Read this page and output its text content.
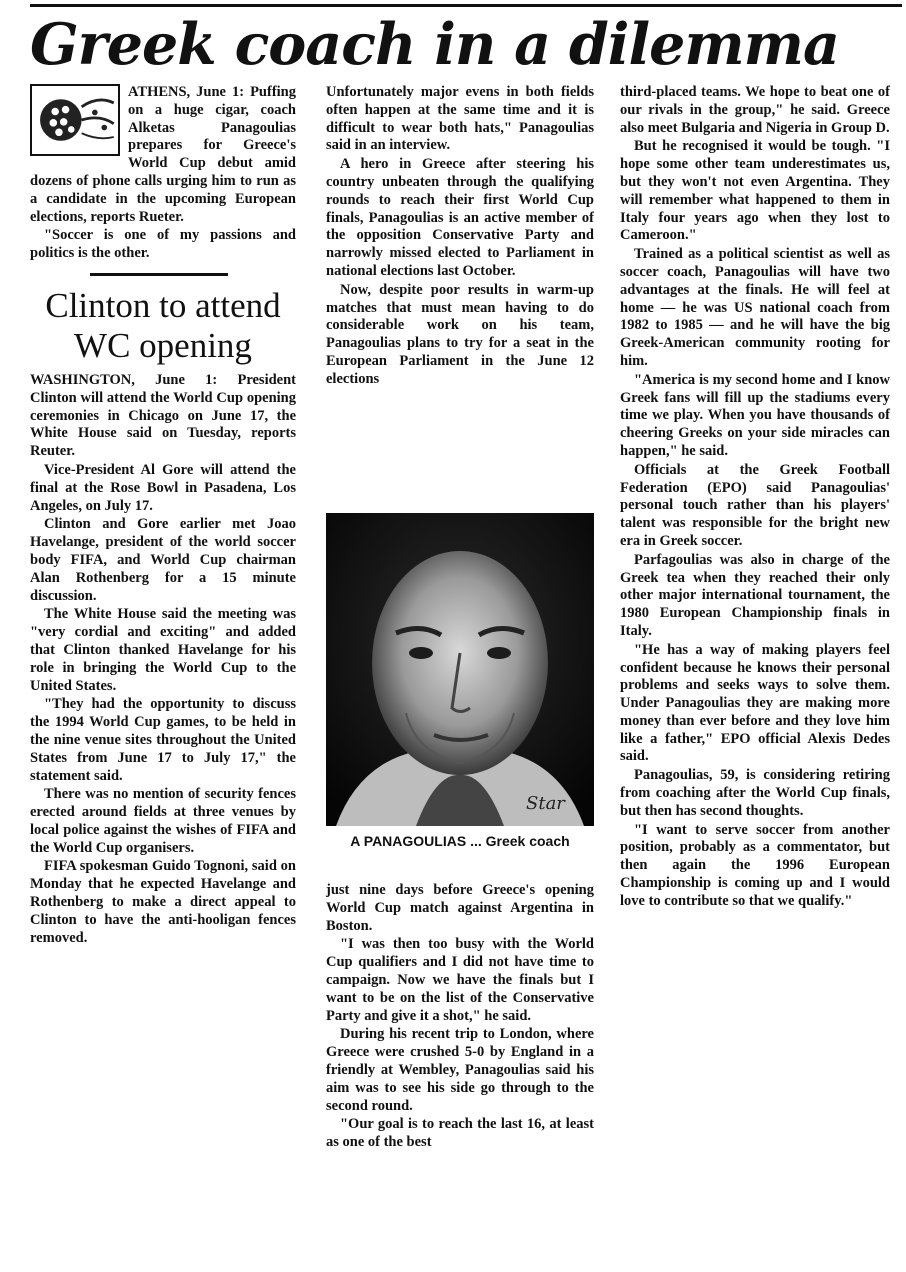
Greek coach in a dilemma

ATHENS, June 1: Puffing on a huge cigar, coach Alketas Panagoulias prepares for Greece's World Cup debut amid dozens of phone calls urging him to run as a candidate in the upcoming European elections, reports Rueter.

"Soccer is one of my passions and politics is the other.

Clinton to attend WC opening

WASHINGTON, June 1: President Clinton will attend the World Cup opening ceremonies in Chicago on June 17, the White House said on Tuesday, reports Reuter.

Vice-President Al Gore will attend the final at the Rose Bowl in Pasadena, Los Angeles, on July 17.

Clinton and Gore earlier met Joao Havelange, president of the world soccer body FIFA, and World Cup chairman Alan Rothenberg for a 15 minute discussion.

The White House said the meeting was "very cordial and exciting" and added that Clinton thanked Havelange for his role in bringing the World Cup to the United States.

"They had the opportunity to discuss the 1994 World Cup games, to be held in the nine venue sites throughout the United States from June 17 to July 17," the statement said.

There was no mention of security fences erected around fields at three venues by local police against the wishes of FIFA and the World Cup organisers.

FIFA spokesman Guido Tognoni, said on Monday that he expected Havelange and Rothenberg to make a direct appeal to Clinton to have the anti-hooligan fences removed.

Unfortunately major evens in both fields often happen at the same time and it is difficult to wear both hats," Panagoulias said in an interview.

A hero in Greece after steering his country unbeaten through the qualifying rounds to reach their first World Cup finals, Panagoulias is an active member of the opposition Conservative Party and narrowly missed elected to Parliament in national elections last October.

Now, despite poor results in warm-up matches that must mean having to do considerable work on his team, Panagoulias plans to try for a seat in the European Parliament in the June 12 elections

Star
A PANAGOULIAS ... Greek coach

just nine days before Greece's opening World Cup match against Argentina in Boston.

"I was then too busy with the World Cup qualifiers and I did not have time to campaign. Now we have the finals but I want to be on the list of the Conservative Party and give it a shot," he said.

During his recent trip to London, where Greece were crushed 5-0 by England in a friendly at Wembley, Panagoulias said his aim was to see his side go through to the second round.

"Our goal is to reach the last 16, at least as one of the best

third-placed teams. We hope to beat one of our rivals in the group," he said. Greece also meet Bulgaria and Nigeria in Group D.

But he recognised it would be tough. "I hope some other team underestimates us, but they won't not even Argentina. They will remember what happened to them in Italy four years ago when they lost to Cameroon."

Trained as a political scientist as well as soccer coach, Panagoulias will have two advantages at the finals. He will feel at home — he was US national coach from 1982 to 1985 — and he will have the big Greek-American community rooting for him.

"America is my second home and I know Greek fans will fill up the stadiums every time we play. When you have thousands of cheering Greeks on your side miracles can happen," he said.

Officials at the Greek Football Federation (EPO) said Panagoulias' personal touch rather than his players' talent was responsible for the bright new era in Greek soccer.

Parfagoulias was also in charge of the Greek tea when they reached their only other major international tournament, the 1980 European Championship finals in Italy.

"He has a way of making players feel confident because he knows their personal problems and seeks ways to solve them. Under Panagoulias they are making more money than ever before and they love him like a father," EPO official Alexis Dedes said.

Panagoulias, 59, is considering retiring from coaching after the World Cup finals, but then has second thoughts.

"I want to serve soccer from another position, probably as a commentator, but then again the 1996 European Championship is coming up and I would love to contribute so that we qualify."
